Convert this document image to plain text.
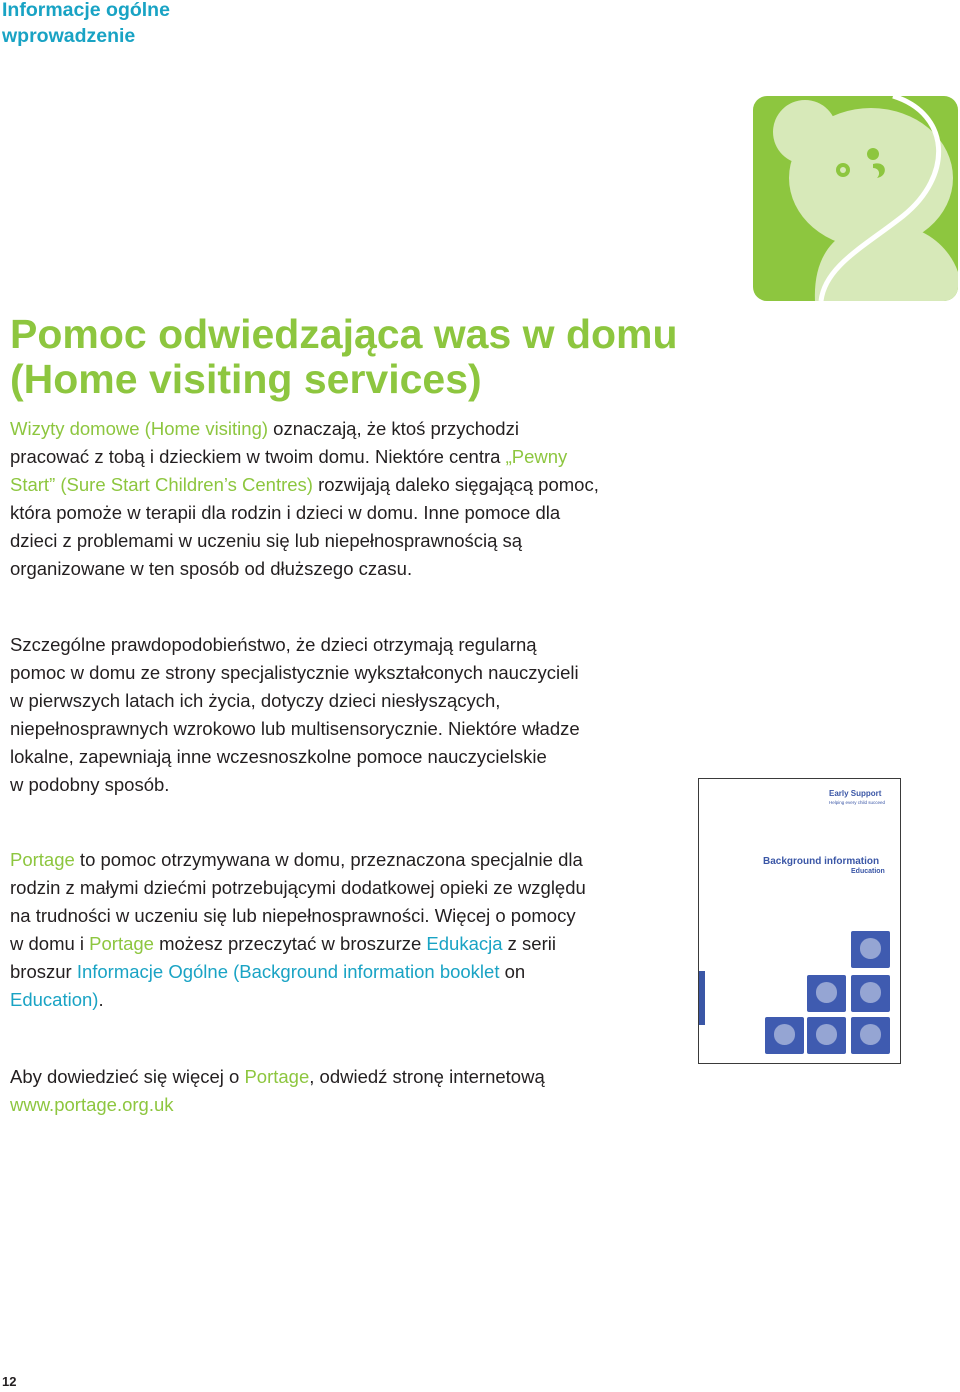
Informacje ogólne
wprowadzenie
Pomoc odwiedzająca was w domu
(Home visiting services)

Wizyty domowe (Home visiting) oznaczają, że ktoś przychodzi
pracować z tobą i dzieckiem w twoim domu. Niektóre centra „Pewny
Start” (Sure Start Children’s Centres) rozwijają daleko sięgającą pomoc,
która pomoże w terapii dla rodzin i dzieci w domu. Inne pomoce dla
dzieci z problemami w uczeniu się lub niepełnosprawnością są
organizowane w ten sposób od dłuższego czasu.

Szczególne prawdopodobieństwo, że dzieci otrzymają regularną
pomoc w domu ze strony specjalistycznie wykształconych nauczycieli
w pierwszych latach ich życia, dotyczy dzieci niesłyszących,
niepełnosprawnych wzrokowo lub multisensorycznie. Niektóre władze
lokalne, zapewniają inne wczesnoszkolne pomoce nauczycielskie
w podobny sposób.

Portage to pomoc otrzymywana w domu, przeznaczona specjalnie dla
rodzin z małymi dziećmi potrzebującymi dodatkowej opieki ze względu
na trudności w uczeniu się lub niepełnosprawności. Więcej o pomocy
w domu i Portage możesz przeczytać w broszurze Edukacja z serii
broszur Informacje Ogólne (Background information booklet on
Education).

Aby dowiedzieć się więcej o Portage, odwiedź stronę internetową
www.portage.org.uk

Early Support
Helping every child succeed
Background information
Education
12
